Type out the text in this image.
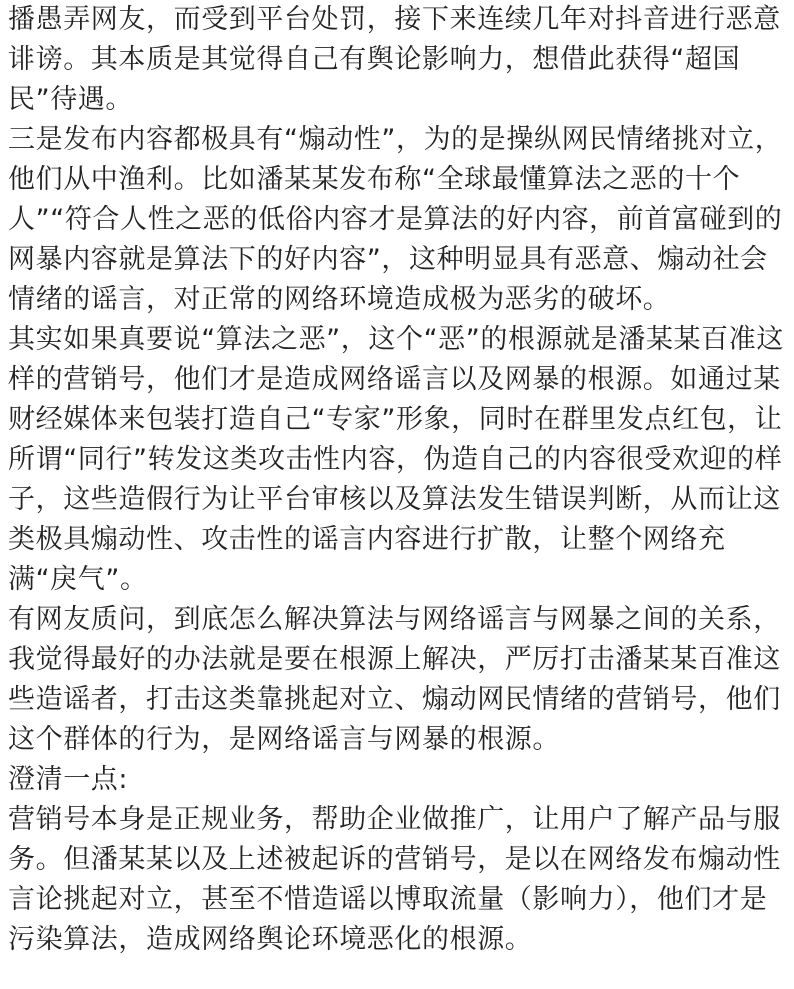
播愚弄网友，而受到平台处罚，接下来连续几年对抖音进行恶意诽谤。其本质是其觉得自己有舆论影响力，想借此获得“超国民”待遇。

三是发布内容都极具有“煽动性”，为的是操纵网民情绪挑对立，他们从中渔利。比如潘某某发布称“全球最懂算法之恶的十个人”“符合人性之恶的低俗内容才是算法的好内容，前首富碰到的网暴内容就是算法下的好内容”，这种明显具有恶意、煽动社会情绪的谣言，对正常的网络环境造成极为恶劣的破坏。

其实如果真要说“算法之恶”，这个“恶”的根源就是潘某某百准这样的营销号，他们才是造成网络谣言以及网暴的根源。如通过某财经媒体来包装打造自己“专家”形象，同时在群里发点红包，让所谓“同行”转发这类攻击性内容，伪造自己的内容很受欢迎的样子，这些造假行为让平台审核以及算法发生错误判断，从而让这类极具煽动性、攻击性的谣言内容进行扩散，让整个网络充满“戾气”。

有网友质问，到底怎么解决算法与网络谣言与网暴之间的关系，我觉得最好的办法就是要在根源上解决，严厉打击潘某某百准这些造谣者，打击这类靠挑起对立、煽动网民情绪的营销号，他们这个群体的行为，是网络谣言与网暴的根源。

澄清一点:

营销号本身是正规业务，帮助企业做推广，让用户了解产品与服务。但潘某某以及上述被起诉的营销号，是以在网络发布煽动性言论挑起对立，甚至不惜造谣以博取流量（影响力），他们才是污染算法，造成网络舆论环境恶化的根源。
